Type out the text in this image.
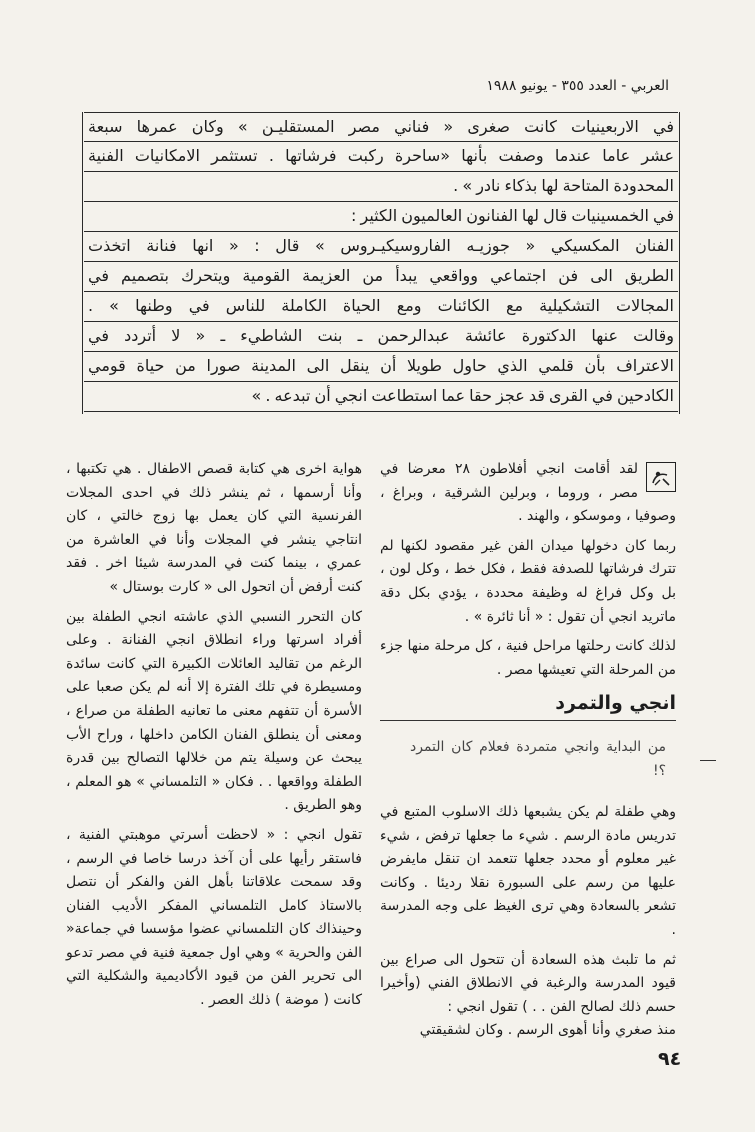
العربي - العدد ٣٥٥ - يونيو ١٩٨٨
في الاربعينيات كانت صغرى « فناني مصر المستقليـن » وكان عمرها سبعة
عشر عاما عندما وصفت بأنها «ساحرة ركبت فرشاتها . تستثمر الامكانيات الفنية
المحدودة المتاحة لها بذكاء نادر » .
في الخمسينيات قال لها الفنانون العالميون الكثير :
الفنان المكسيكي « جوزيـه الفاروسيكيـروس » قال : « انها فنانة اتخذت
الطريق الى فن اجتماعي وواقعي يبدأ من العزيمة القومية ويتحرك بتصميم في
المجالات التشكيلية مع الكائنات ومع الحياة الكاملة للناس في وطنها » .
وقالت عنها الدكتورة عائشة عبدالرحمن ـ بنت الشاطيء ـ « لا أتردد في
الاعتراف بأن قلمي الذي حاول طويلا أن ينقل الى المدينة صورا من حياة قومي
الكادحين في القرى قد عجز حقا عما استطاعت انجي أن تبدعه . »

لقد أقامت انجي أفلاطون ٢٨ معرضا في مصر ، وروما ، وبرلين الشرقية ، وبراغ ، وصوفيا ، وموسكو ، والهند .

ربما كان دخولها ميدان الفن غير مقصود لكنها لم تترك فرشاتها للصدفة فقط ، فكل خط ، وكل لون ، بل وكل فراغ له وظيفة محددة ، يؤدي بكل دقة ماتريد انجي أن تقول : « أنا ثائرة » .

لذلك كانت رحلتها مراحل فنية ، كل مرحلة منها جزء من المرحلة التي تعيشها مصر .

انجي والتمرد

من البداية وانجي متمردة فعلام كان التمرد ؟!

وهي طفلة لم يكن يشبعها ذلك الاسلوب المتبع في تدريس مادة الرسم . شيء ما جعلها ترفض ، شيء غير معلوم أو محدد جعلها تتعمد ان تنقل مايفرض عليها من رسم على السبورة نقلا رديئا . وكانت تشعر بالسعادة وهي ترى الغيظ على وجه المدرسة .

ثم ما تلبث هذه السعادة أن تتحول الى صراع بين قيود المدرسة والرغبة في الانطلاق الفني (وأخيرا حسم ذلك لصالح الفن . . ) تقول انجي :

منذ صغري وأنا أهوى الرسم . وكان لشقيقتي

هواية اخرى هي كتابة قصص الاطفال . هي تكتبها ، وأنا أرسمها ، ثم ينشر ذلك في احدى المجلات الفرنسية التي كان يعمل بها زوج خالتي ، كان انتاجي ينشر في المجلات وأنا في العاشرة من عمري ، بينما كنت في المدرسة شيئا اخر . فقد كنت أرفض أن اتحول الى « كارت بوستال »

كان التحرر النسبي الذي عاشته انجي الطفلة بين أفراد اسرتها وراء انطلاق انجي الفنانة . وعلى الرغم من تقاليد العائلات الكبيرة التي كانت سائدة ومسيطرة في تلك الفترة إلا أنه لم يكن صعبا على الأسرة أن تتفهم معنى ما تعانيه الطفلة من صراع ، ومعنى أن ينطلق الفنان الكامن داخلها ، وراح الأب يبحث عن وسيلة يتم من خلالها التصالح بين قدرة الطفلة وواقعها . . فكان « التلمساني » هو المعلم ، وهو الطريق .

تقول انجي : « لاحظت أسرتي موهبتي الفنية ، فاستقر رأيها على أن آخذ درسا خاصا في الرسم ، وقد سمحت علاقاتنا بأهل الفن والفكر أن نتصل بالاستاذ كامل التلمساني المفكر الأديب الفنان وحينذاك كان التلمساني عضوا مؤسسا في جماعة« الفن والحرية » وهي اول جمعية فنية في مصر تدعو الى تحرير الفن من قيود الأكاديمية والشكلية التي كانت ( موضة ) ذلك العصر .

٩٤
